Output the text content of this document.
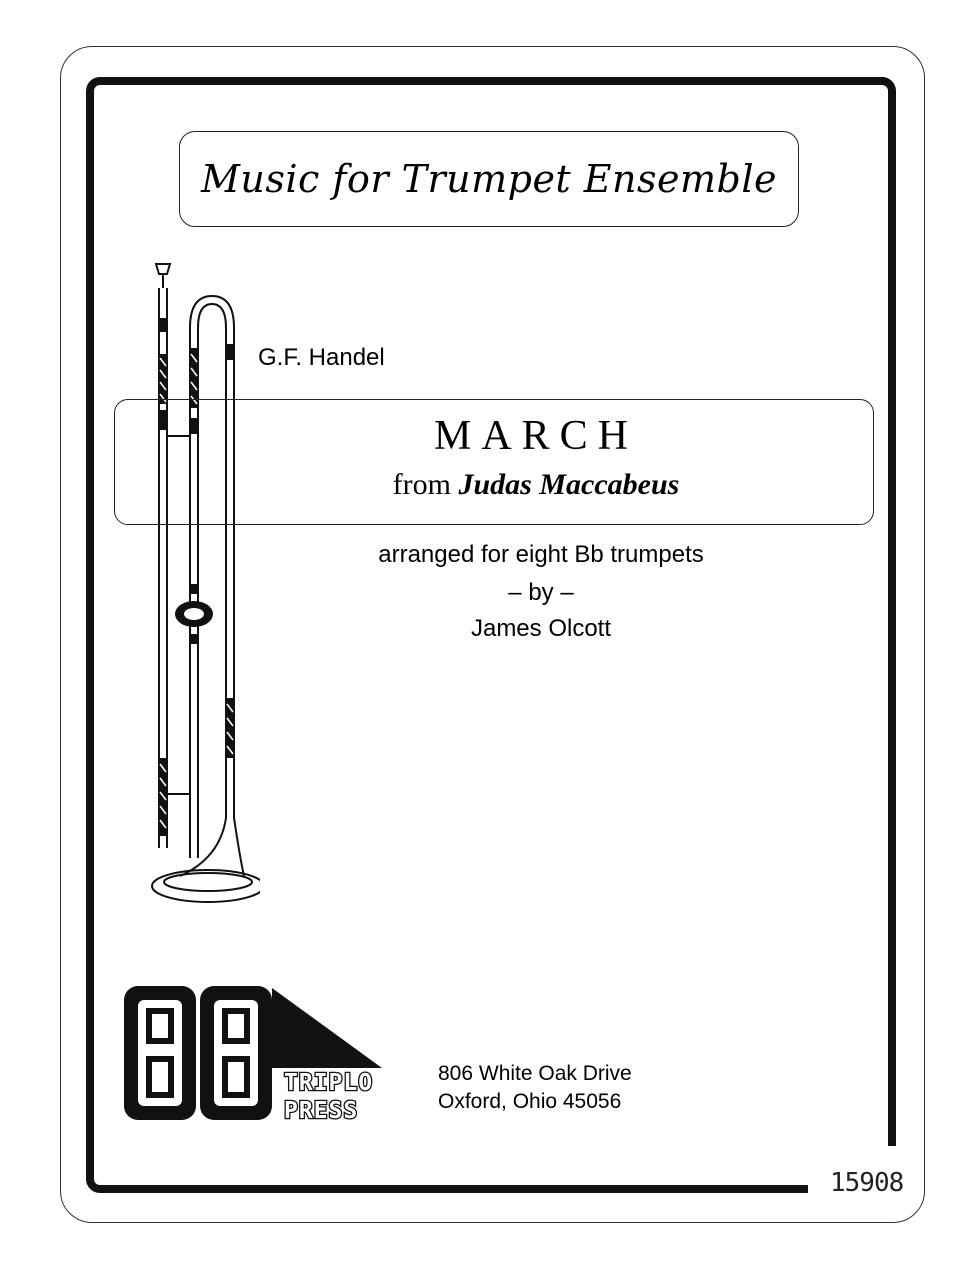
Music for Trumpet Ensemble
G.F. Handel
MARCH
from Judas Maccabeus
arranged for eight Bb trumpets
– by –
James Olcott
TRIPLO
PRESS
806 White Oak Drive
Oxford, Ohio 45056
15908
